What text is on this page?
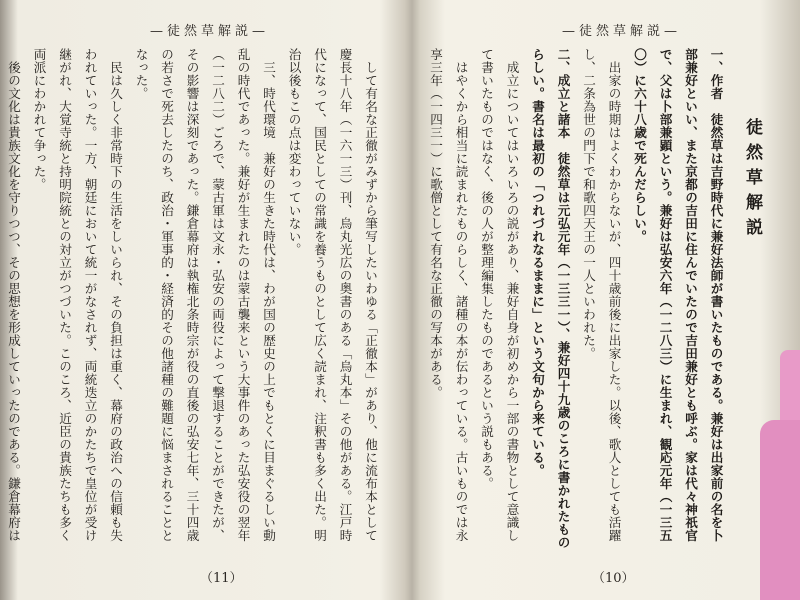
—徒然草解説—

して有名な正徹がみずから筆写したいわゆる「正徹本」があり、他に流布本として慶長十八年（一六一三）刊、烏丸光広の奥書のある「烏丸本」その他がある。江戸時代になって、国民としての常識を養うものとして広く読まれ、注釈書も多く出た。明治以後もこの点は変わっていない。

三、時代環境　兼好の生きた時代は、わが国の歴史の上でもとくに目まぐるしい動乱の時代であった。兼好が生まれたのは蒙古襲来という大事件のあった弘安役の翌年（一二八二）ごろで、蒙古軍は文永・弘安の両役によって撃退することができたが、その影響は深刻であった。鎌倉幕府は執権北条時宗が役の直後の弘安七年、三十四歳の若さで死去したのち、政治・軍事的・経済的その他諸種の難題に悩まされることとなった。

民は久しく非常時下の生活をしいられ、その負担は重く、幕府の政治への信頼も失われていった。一方、朝廷において統一がなされず、両統迭立のかたちで皇位が受け継がれ、大覚寺統と持明院統との対立がつづいた。このころ、近臣の貴族たちも多く両派にわかれて争った。

後の文化は貴族文化を守りつつ、その思想を形成していったのである。鎌倉幕府は

（11）
—徒然草解説—
徒然草解説

一、作者　徒然草は吉野時代に兼好法師が書いたものである。兼好は出家前の名を卜部兼好といい、また京都の吉田に住んでいたので吉田兼好とも呼ぶ。家は代々神祇官で、父は卜部兼顕という。兼好は弘安六年（一二八三）に生まれ、観応元年（一三五〇）に六十八歳で死んだらしい。

出家の時期はよくわからないが、四十歳前後に出家した。以後、歌人としても活躍し、二条為世の門下で和歌四天王の一人といわれた。

二、成立と諸本　徒然草は元弘元年（一三三一）、兼好四十九歳のころに書かれたものらしい。書名は最初の「つれづれなるままに」という文句から来ている。

成立についてはいろいろの説があり、兼好自身が初めから一部の書物として意識して書いたものではなく、後の人が整理編集したものであるという説もある。

はやくから相当に読まれたものらしく、諸種の本が伝わっている。古いものでは永享三年（一四三一）に歌僧として有名な正徹の写本がある。

（10）
